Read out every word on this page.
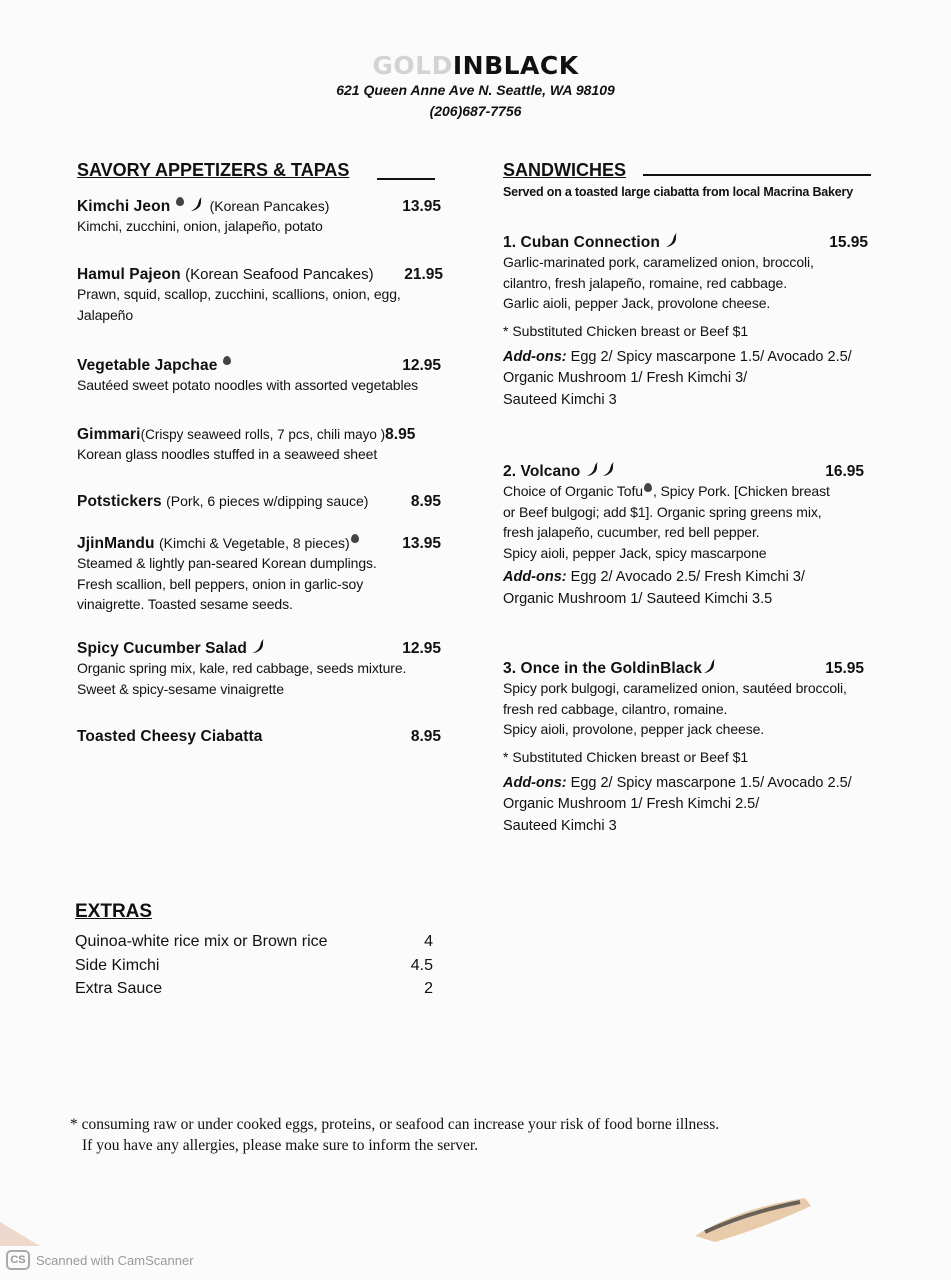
GOLDINBLACK
621 Queen Anne Ave N. Seattle, WA 98109
(206)687-7756
SAVORY APPETIZERS & TAPAS
Kimchi Jeon	(Korean Pancakes)	13.95
Kimchi, zucchini, onion, jalapeño, potato
Hamul Pajeon (Korean Seafood Pancakes) 21.95
Prawn, squid, scallop, zucchini, scallions, onion, egg, Jalapeño
Vegetable Japchae	12.95
Sautéed sweet potato noodles with assorted vegetables
Gimmari(Crispy seaweed rolls, 7 pcs, chili mayo )8.95
Korean glass noodles stuffed in a seaweed sheet
Potstickers (Pork, 6 pieces w/dipping sauce)	8.95
JjinMandu (Kimchi & Vegetable, 8 pieces)	13.95
Steamed & lightly pan-seared Korean dumplings. Fresh scallion, bell peppers, onion in garlic-soy vinaigrette. Toasted sesame seeds.
Spicy Cucumber Salad	12.95
Organic spring mix, kale, red cabbage, seeds mixture. Sweet & spicy-sesame vinaigrette
Toasted Cheesy Ciabatta	8.95
SANDWICHES
Served on a toasted large ciabatta from local Macrina Bakery
1. Cuban Connection	15.95
Garlic-marinated pork, caramelized onion, broccoli,
cilantro, fresh jalapeño, romaine, red cabbage.
Garlic aioli, pepper Jack, provolone cheese.
* Substituted Chicken breast or Beef $1
Add-ons: Egg 2/ Spicy mascarpone 1.5/ Avocado 2.5/
Organic Mushroom 1/ Fresh Kimchi 3/
Sauteed Kimchi 3
2. Volcano	16.95
Choice of Organic Tofu , Spicy Pork. [Chicken breast
or Beef bulgogi; add $1]. Organic spring greens mix,
fresh jalapeño, cucumber, red bell pepper.
Spicy aioli, pepper Jack, spicy mascarpone
Add-ons: Egg 2/ Avocado 2.5/ Fresh Kimchi 3/
Organic Mushroom 1/ Sauteed Kimchi 3.5
3. Once in the GoldinBlack	15.95
Spicy pork bulgogi, caramelized onion, sautéed broccoli,
fresh red cabbage, cilantro, romaine.
Spicy aioli, provolone, pepper jack cheese.
* Substituted Chicken breast or Beef $1
Add-ons: Egg 2/ Spicy mascarpone 1.5/ Avocado 2.5/
Organic Mushroom 1/ Fresh Kimchi 2.5/
Sauteed Kimchi 3
EXTRAS
Quinoa-white rice mix or Brown rice	4
Side Kimchi	4.5
Extra Sauce	2
* consuming raw or under cooked eggs, proteins, or seafood can increase your risk of food borne illness.
If you have any allergies, please make sure to inform the server.
CS Scanned with CamScanner
